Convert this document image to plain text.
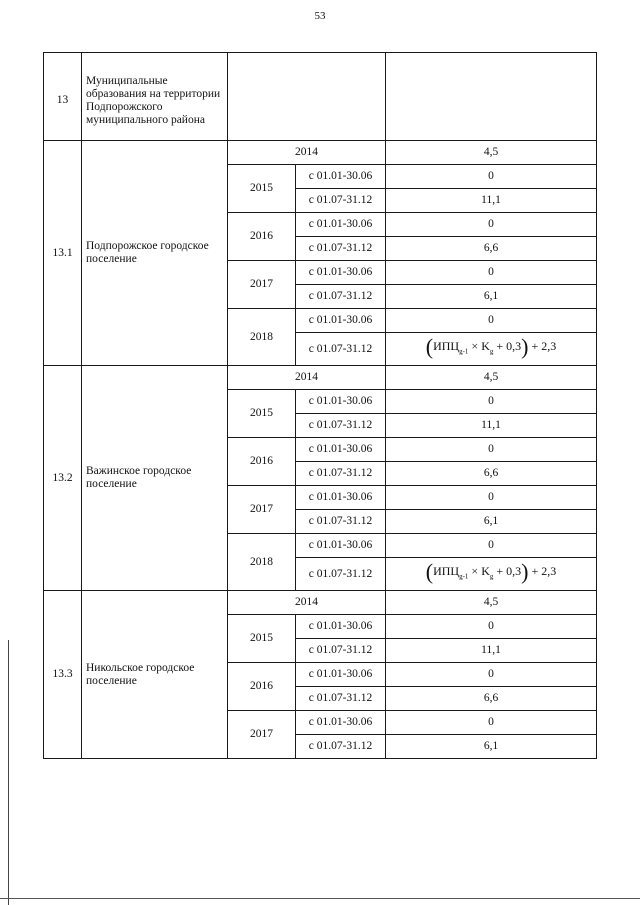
53
13	Муниципальные образования на территории Подпорожского муниципального района			
13.1	Подпорожское городское поселение	2014		4,5
		2015	с 01.01-30.06	0
			с 01.07-31.12	11,1
		2016	с 01.01-30.06	0
			с 01.07-31.12	6,6
		2017	с 01.01-30.06	0
			с 01.07-31.12	6,1
		2018	с 01.01-30.06	0
			с 01.07-31.12	$(ИПЦ_{g-1} \times K_g + 0,3) + 2,3$
13.2	Важинское городское поселение	2014		4,5
		2015	с 01.01-30.06	0
			с 01.07-31.12	11,1
		2016	с 01.01-30.06	0
			с 01.07-31.12	6,6
		2017	с 01.01-30.06	0
			с 01.07-31.12	6,1
		2018	с 01.01-30.06	0
			с 01.07-31.12	$(ИПЦ_{g-1} \times K_g + 0,3) + 2,3$
13.3	Никольское городское поселение	2014		4,5
		2015	с 01.01-30.06	0
			с 01.07-31.12	11,1
		2016	с 01.01-30.06	0
			с 01.07-31.12	6,6
		2017	с 01.01-30.06	0
			с 01.07-31.12	6,1
